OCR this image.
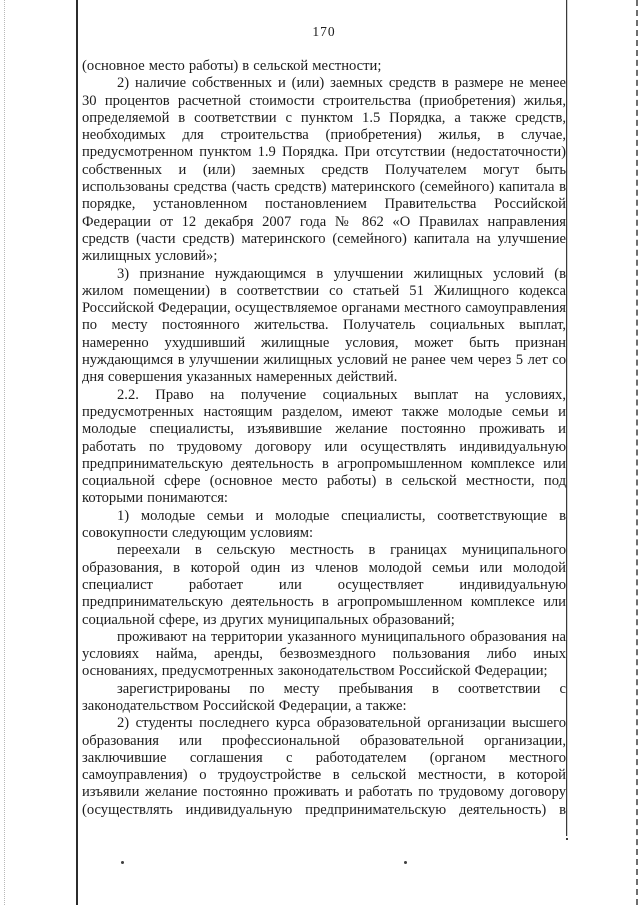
170

(основное место работы) в сельской местности;

2) наличие собственных и (или) заемных средств в размере не менее 30 процентов расчетной стоимости строительства (приобретения) жилья, определяемой в соответствии с пунктом 1.5 Порядка, а также средств, необходимых для строительства (приобретения) жилья, в случае, предусмотренном пунктом 1.9 Порядка. При отсутствии (недостаточности) собственных и (или) заемных средств Получателем могут быть использованы средства (часть средств) материнского (семейного) капитала в порядке, установленном постановлением Правительства Российской Федерации от 12 декабря 2007 года № 862 «О Правилах направления средств (части средств) материнского (семейного) капитала на улучшение жилищных условий»;

3) признание нуждающимся в улучшении жилищных условий (в жилом помещении) в соответствии со статьей 51 Жилищного кодекса Российской Федерации, осуществляемое органами местного самоуправления по месту постоянного жительства. Получатель социальных выплат, намеренно ухудшивший жилищные условия, может быть признан нуждающимся в улучшении жилищных условий не ранее чем через 5 лет со дня совершения указанных намеренных действий.

2.2. Право на получение социальных выплат на условиях, предусмотренных настоящим разделом, имеют также молодые семьи и молодые специалисты, изъявившие желание постоянно проживать и работать по трудовому договору или осуществлять индивидуальную предпринимательскую деятельность в агропромышленном комплексе или социальной сфере (основное место работы) в сельской местности, под которыми понимаются:

1) молодые семьи и молодые специалисты, соответствующие в совокупности следующим условиям:

переехали в сельскую местность в границах муниципального образования, в которой один из членов молодой семьи или молодой специалист работает или осуществляет индивидуальную предпринимательскую деятельность в агропромышленном комплексе или социальной сфере, из других муниципальных образований;

проживают на территории указанного муниципального образования на условиях найма, аренды, безвозмездного пользования либо иных основаниях, предусмотренных законодательством Российской Федерации;

зарегистрированы по месту пребывания в соответствии с законодательством Российской Федерации, а также:

2) студенты последнего курса образовательной организации высшего образования или профессиональной образовательной организации, заключившие соглашения с работодателем (органом местного самоуправления) о трудоустройстве в сельской местности, в которой изъявили желание постоянно проживать и работать по трудовому договору (осуществлять индивидуальную предпринимательскую деятельность) в
